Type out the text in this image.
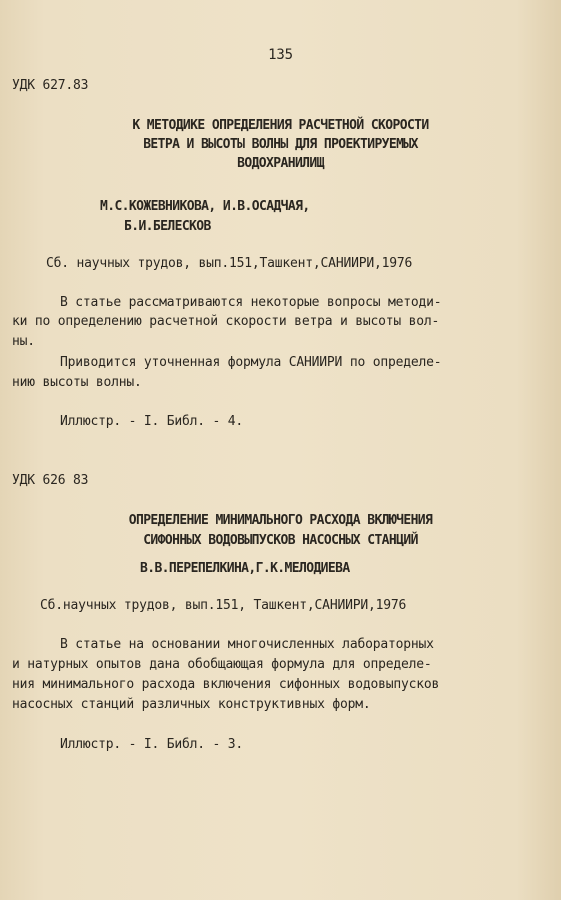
135
УДК 627.83
К МЕТОДИКЕ ОПРЕДЕЛЕНИЯ РАСЧЕТНОЙ СКОРОСТИ
ВЕТРА И ВЫСОТЫ ВОЛНЫ ДЛЯ ПРОЕКТИРУЕМЫХ
ВОДОХРАНИЛИЩ
М.С.КОЖЕВНИКОВА, И.В.ОСАДЧАЯ,
Б.И.БЕЛЕСКОВ
Сб. научных трудов, вып.151,Ташкент,САНИИРИ,1976
В статье рассматриваются некоторые вопросы методи-
ки по определению расчетной скорости ветра и высоты вол-
ны.
Приводится уточненная формула САНИИРИ по определе-
нию высоты волны.
Иллюстр. - I. Библ. - 4.
УДК 626 83
ОПРЕДЕЛЕНИЕ МИНИМАЛЬНОГО РАСХОДА ВКЛЮЧЕНИЯ
СИФОННЫХ ВОДОВЫПУСКОВ НАСОСНЫХ СТАНЦИЙ
В.В.ПЕРЕПЕЛКИНА,Г.К.МЕЛОДИЕВА
Сб.научных трудов, вып.151, Ташкент,САНИИРИ,1976
В статье на основании многочисленных лабораторных
и натурных опытов дана обобщающая формула для определе-
ния минимального расхода включения сифонных водовыпусков
насосных станций различных конструктивных форм.
Иллюстр. - I. Библ. - 3.
